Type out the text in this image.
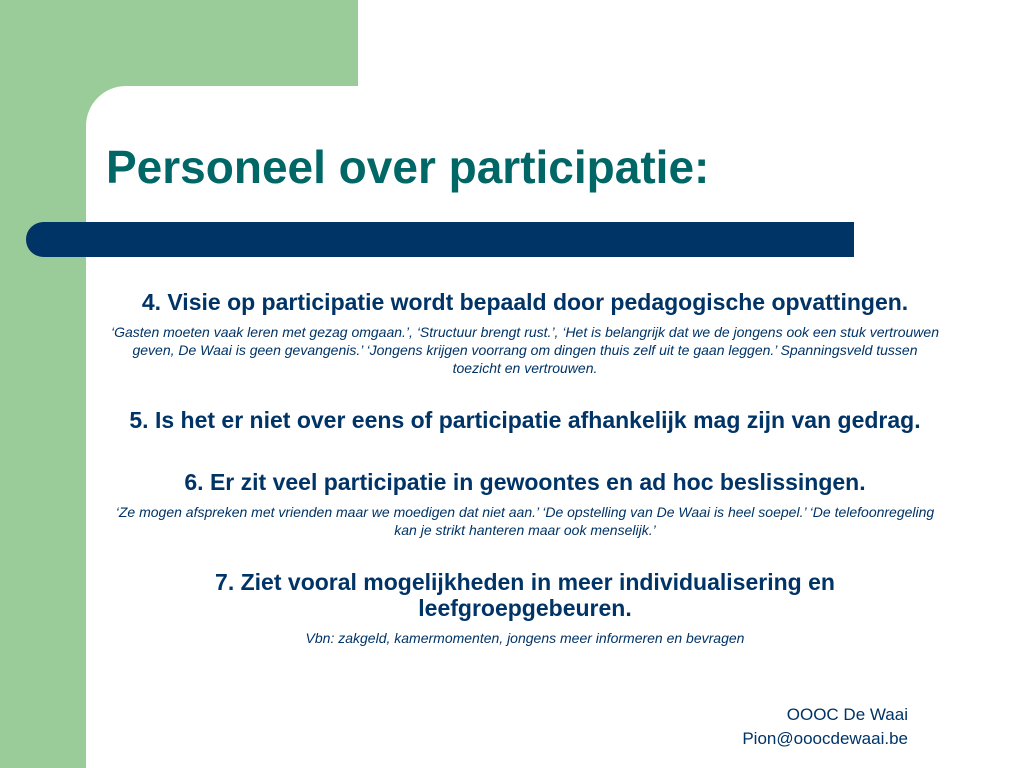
Personeel over participatie:

4. Visie op participatie wordt bepaald door pedagogische opvattingen.

‘Gasten moeten vaak leren met gezag omgaan.’, ‘Structuur brengt rust.’, ‘Het is belangrijk dat we de jongens ook een stuk vertrouwen geven, De Waai is geen gevangenis.’ ‘Jongens krijgen voorrang om dingen thuis zelf uit te gaan leggen.’ Spanningsveld tussen toezicht en vertrouwen.

5. Is het er niet over eens of participatie afhankelijk mag zijn van gedrag.

6. Er zit veel participatie in gewoontes en ad hoc beslissingen.

‘Ze mogen afspreken met vrienden maar we moedigen dat niet aan.’ ‘De opstelling van De Waai is heel soepel.’ ‘De telefoonregeling kan je strikt hanteren maar ook menselijk.’

7. Ziet vooral mogelijkheden in meer individualisering en leefgroepgebeuren.

Vbn: zakgeld, kamermomenten, jongens meer informeren en bevragen

OOOC De Waai
Pion@ooocdewaai.be
